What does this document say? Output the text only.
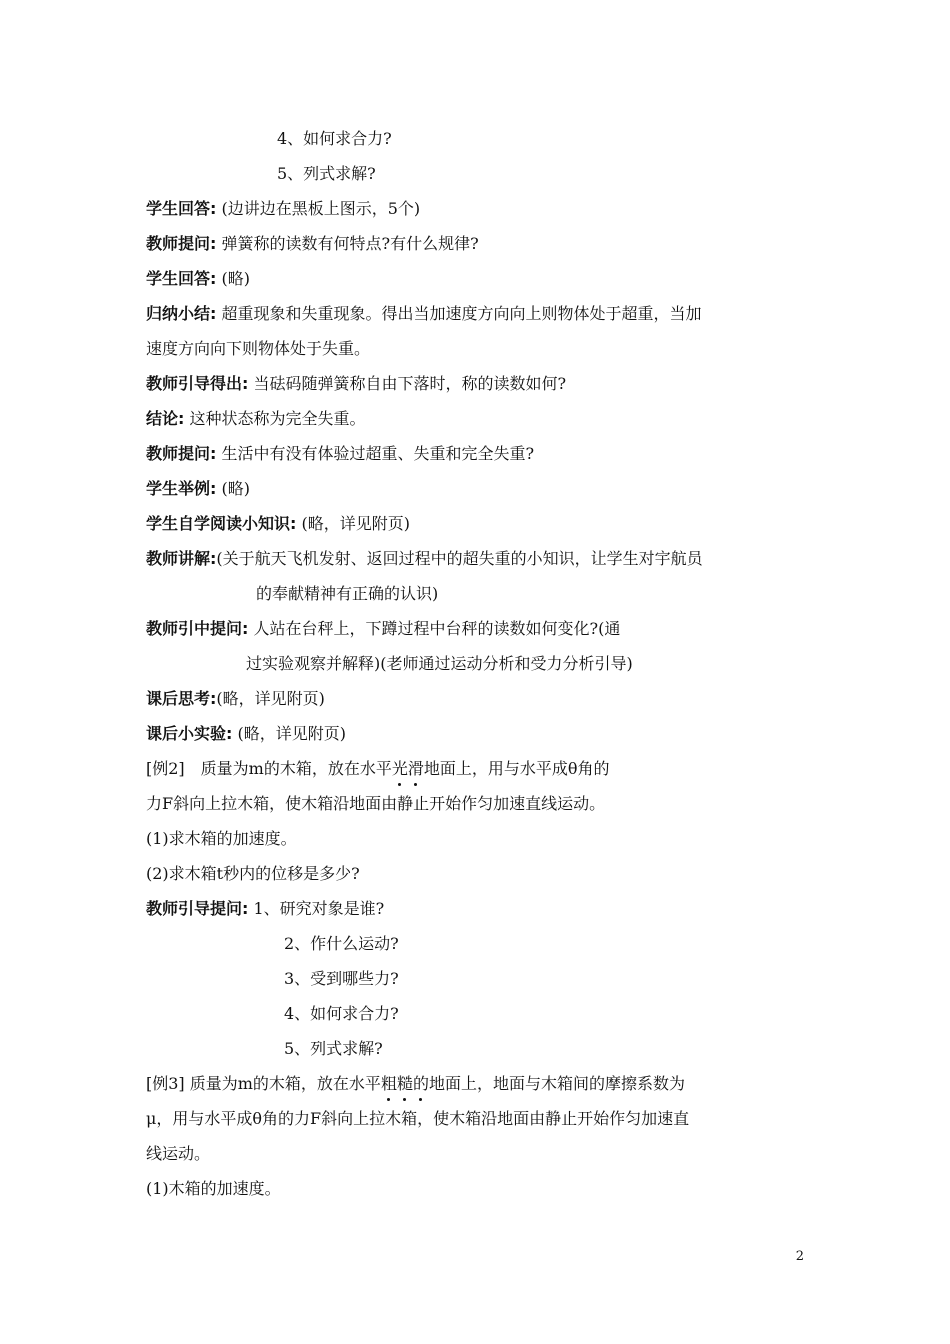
4、如何求合力?
5、列式求解?
学生回答: (边讲边在黑板上图示，5个)
教师提问: 弹簧称的读数有何特点?有什么规律?
学生回答: (略)
归纳小结: 超重现象和失重现象。得出当加速度方向向上则物体处于超重，当加
速度方向向下则物体处于失重。
教师引导得出: 当砝码随弹簧称自由下落时，称的读数如何?
结论: 这种状态称为完全失重。
教师提问: 生活中有没有体验过超重、失重和完全失重?
学生举例: (略)
学生自学阅读小知识: (略，详见附页)
教师讲解:(关于航天飞机发射、返回过程中的超失重的小知识，让学生对宇航员
的奉献精神有正确的认识)
教师引中提问: 人站在台秤上，下蹲过程中台秤的读数如何变化?(通
过实验观察并解释)(老师通过运动分析和受力分析引导)
课后思考:(略，详见附页)
课后小实验: (略，详见附页)
[例2]　质量为m的木箱，放在水平光滑地面上，用与水平成θ角的
力F斜向上拉木箱，使木箱沿地面由静止开始作匀加速直线运动。
(1)求木箱的加速度。
(2)求木箱t秒内的位移是多少?
教师引导提问: 1、研究对象是谁?
2、作什么运动?
3、受到哪些力?
4、如何求合力?
5、列式求解?
[例3] 质量为m的木箱，放在水平粗糙的地面上，地面与木箱间的摩擦系数为
μ，用与水平成θ角的力F斜向上拉木箱，使木箱沿地面由静止开始作匀加速直
线运动。
(1)木箱的加速度。
2
